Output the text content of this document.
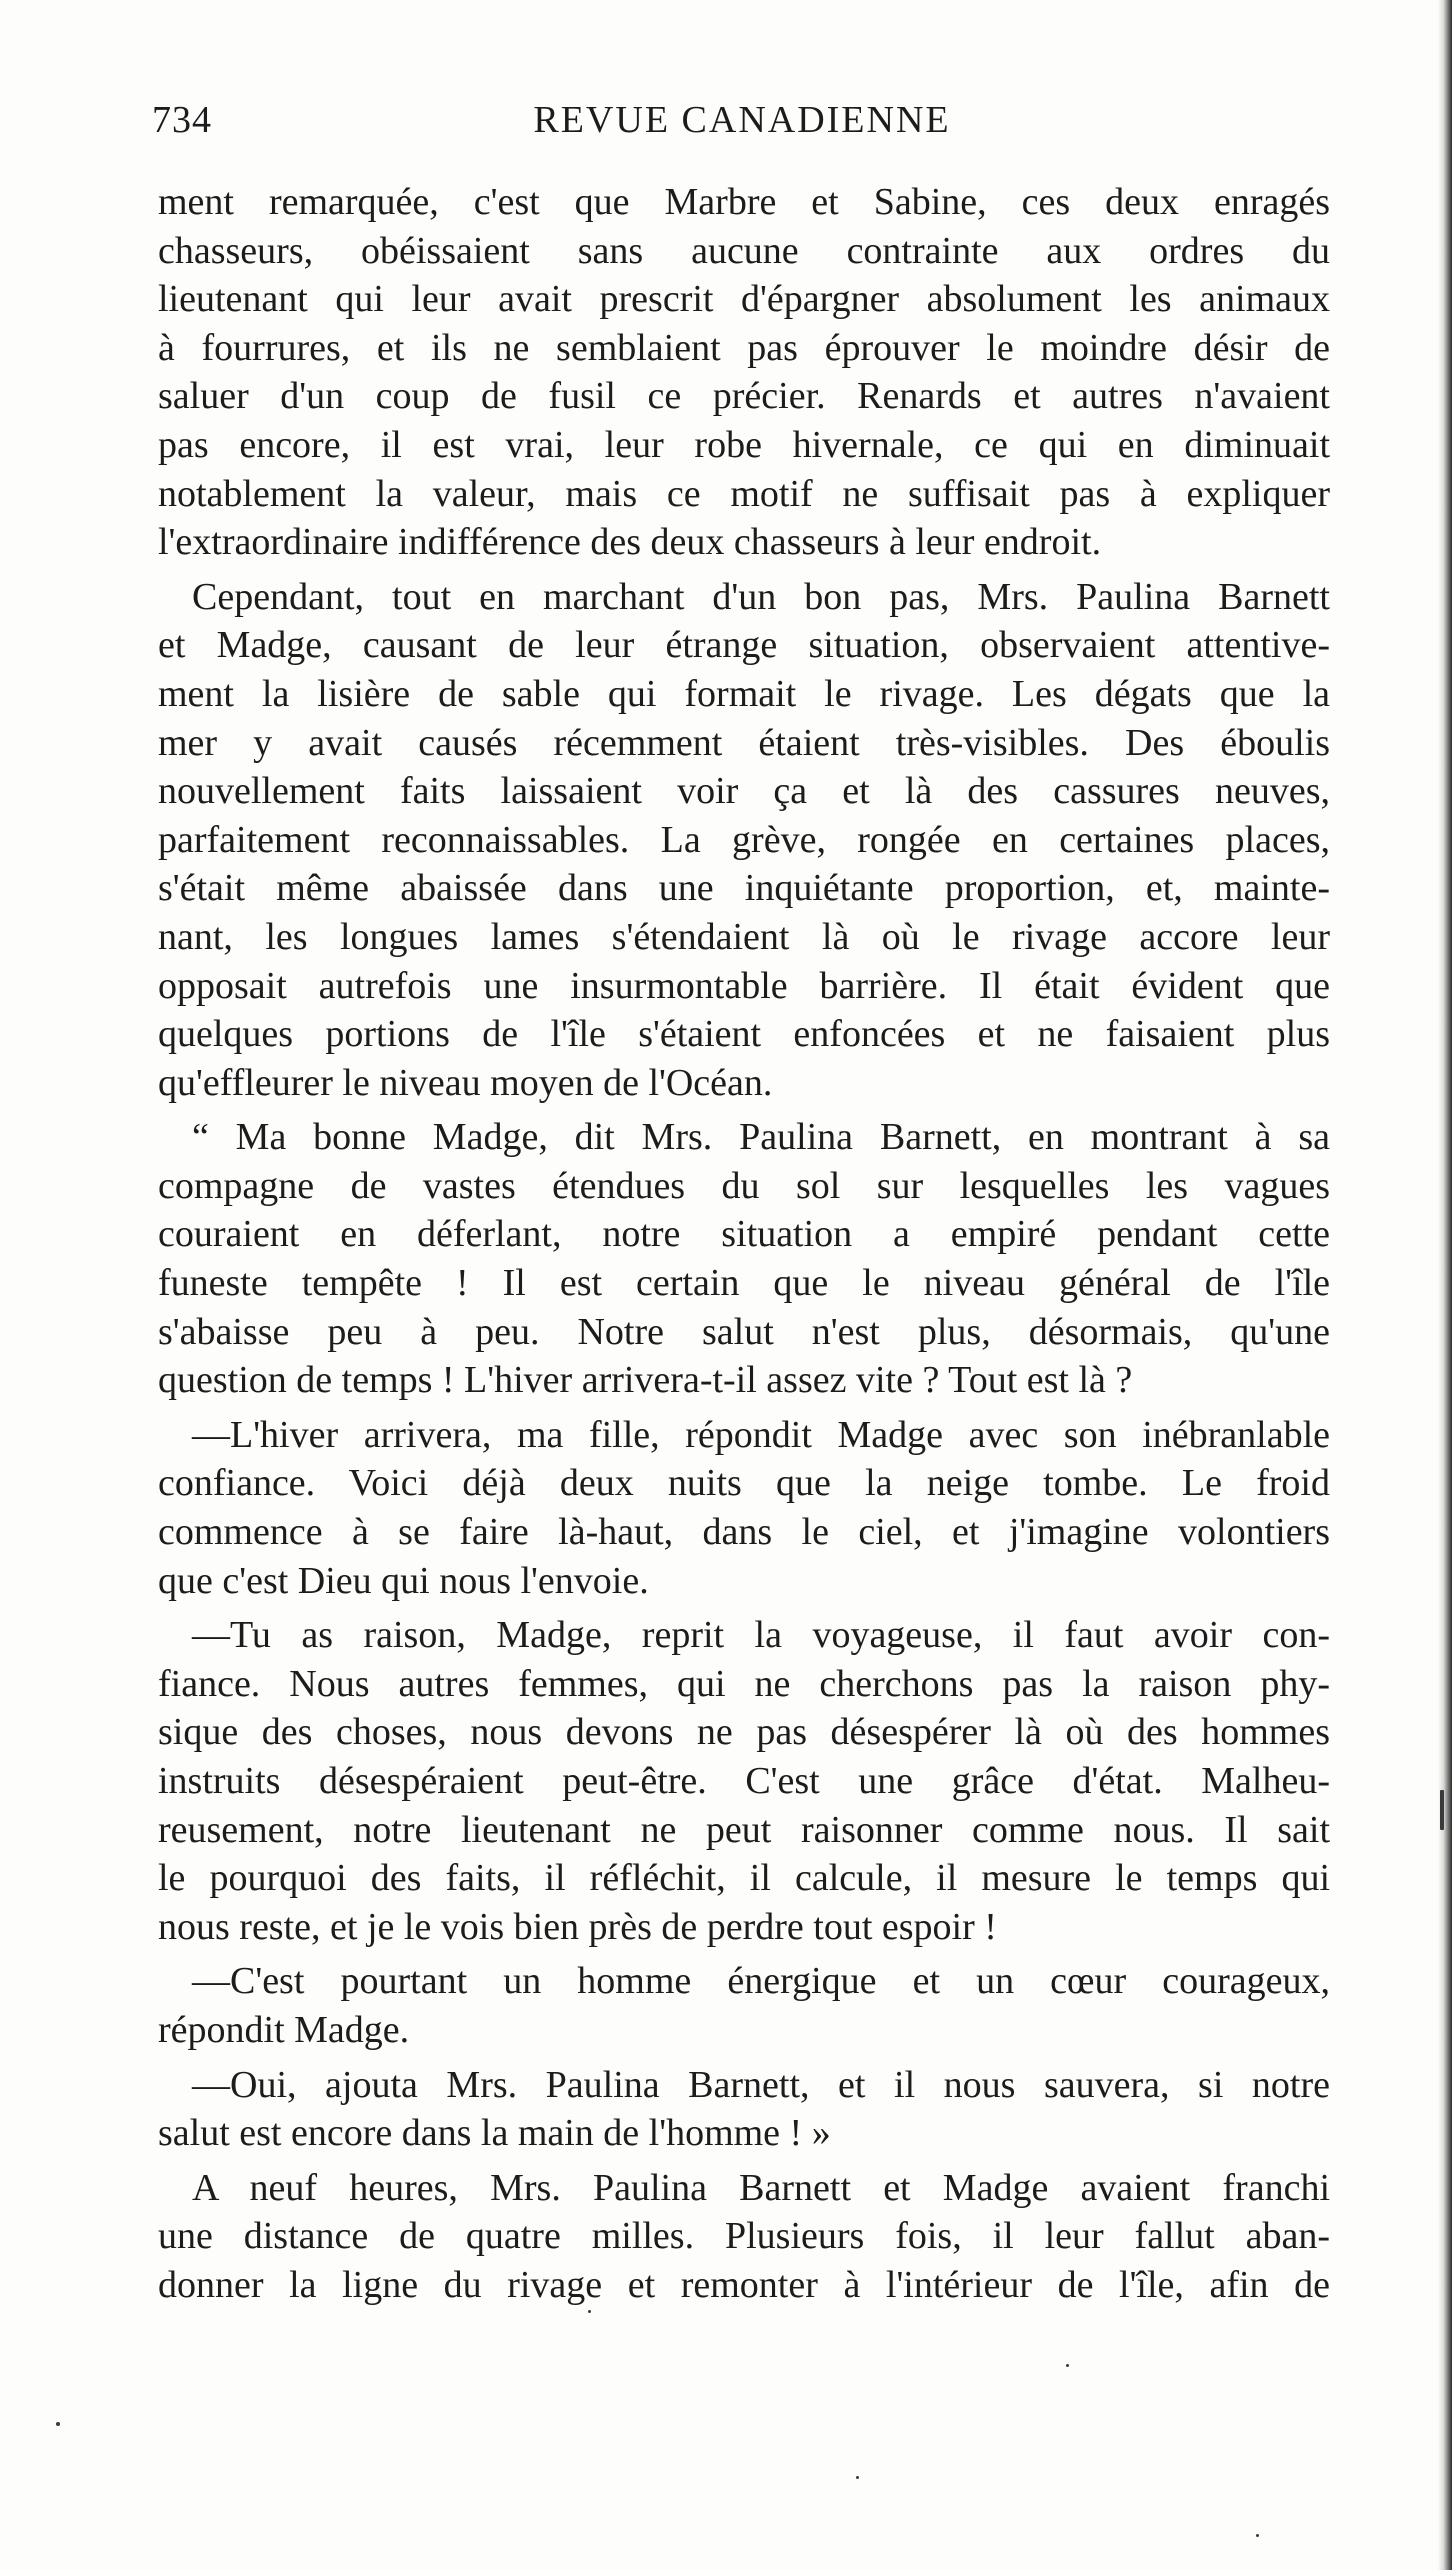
734	REVUE CANADIENNE
ment remarquée, c'est que Marbre et Sabine, ces deux enragés
chasseurs, obéissaient sans aucune contrainte aux ordres du
lieutenant qui leur avait prescrit d'épargner absolument les animaux
à fourrures, et ils ne semblaient pas éprouver le moindre désir de
saluer d'un coup de fusil ce précier. Renards et autres n'avaient
pas encore, il est vrai, leur robe hivernale, ce qui en diminuait
notablement la valeur, mais ce motif ne suffisait pas à expliquer
l'extraordinaire indifférence des deux chasseurs à leur endroit.
Cependant, tout en marchant d'un bon pas, Mrs. Paulina Barnett
et Madge, causant de leur étrange situation, observaient attentive-
ment la lisière de sable qui formait le rivage. Les dégats que la
mer y avait causés récemment étaient très-visibles. Des éboulis
nouvellement faits laissaient voir ça et là des cassures neuves,
parfaitement reconnaissables. La grève, rongée en certaines places,
s'était même abaissée dans une inquiétante proportion, et, mainte-
nant, les longues lames s'étendaient là où le rivage accore leur
opposait autrefois une insurmontable barrière. Il était évident que
quelques portions de l'île s'étaient enfoncées et ne faisaient plus
qu'effleurer le niveau moyen de l'Océan.
“ Ma bonne Madge, dit Mrs. Paulina Barnett, en montrant à sa
compagne de vastes étendues du sol sur lesquelles les vagues
couraient en déferlant, notre situation a empiré pendant cette
funeste tempête ! Il est certain que le niveau général de l'île
s'abaisse peu à peu. Notre salut n'est plus, désormais, qu'une
question de temps ! L'hiver arrivera-t-il assez vite ? Tout est là ?
—L'hiver arrivera, ma fille, répondit Madge avec son inébranlable
confiance. Voici déjà deux nuits que la neige tombe. Le froid
commence à se faire là-haut, dans le ciel, et j'imagine volontiers
que c'est Dieu qui nous l'envoie.
—Tu as raison, Madge, reprit la voyageuse, il faut avoir con-
fiance. Nous autres femmes, qui ne cherchons pas la raison phy-
sique des choses, nous devons ne pas désespérer là où des hommes
instruits désespéraient peut-être. C'est une grâce d'état. Malheu-
reusement, notre lieutenant ne peut raisonner comme nous. Il sait
le pourquoi des faits, il réfléchit, il calcule, il mesure le temps qui
nous reste, et je le vois bien près de perdre tout espoir !
—C'est pourtant un homme énergique et un cœur courageux,
répondit Madge.
—Oui, ajouta Mrs. Paulina Barnett, et il nous sauvera, si notre
salut est encore dans la main de l'homme ! »
A neuf heures, Mrs. Paulina Barnett et Madge avaient franchi
une distance de quatre milles. Plusieurs fois, il leur fallut aban-
donner la ligne du rivage et remonter à l'intérieur de l'île, afin de
